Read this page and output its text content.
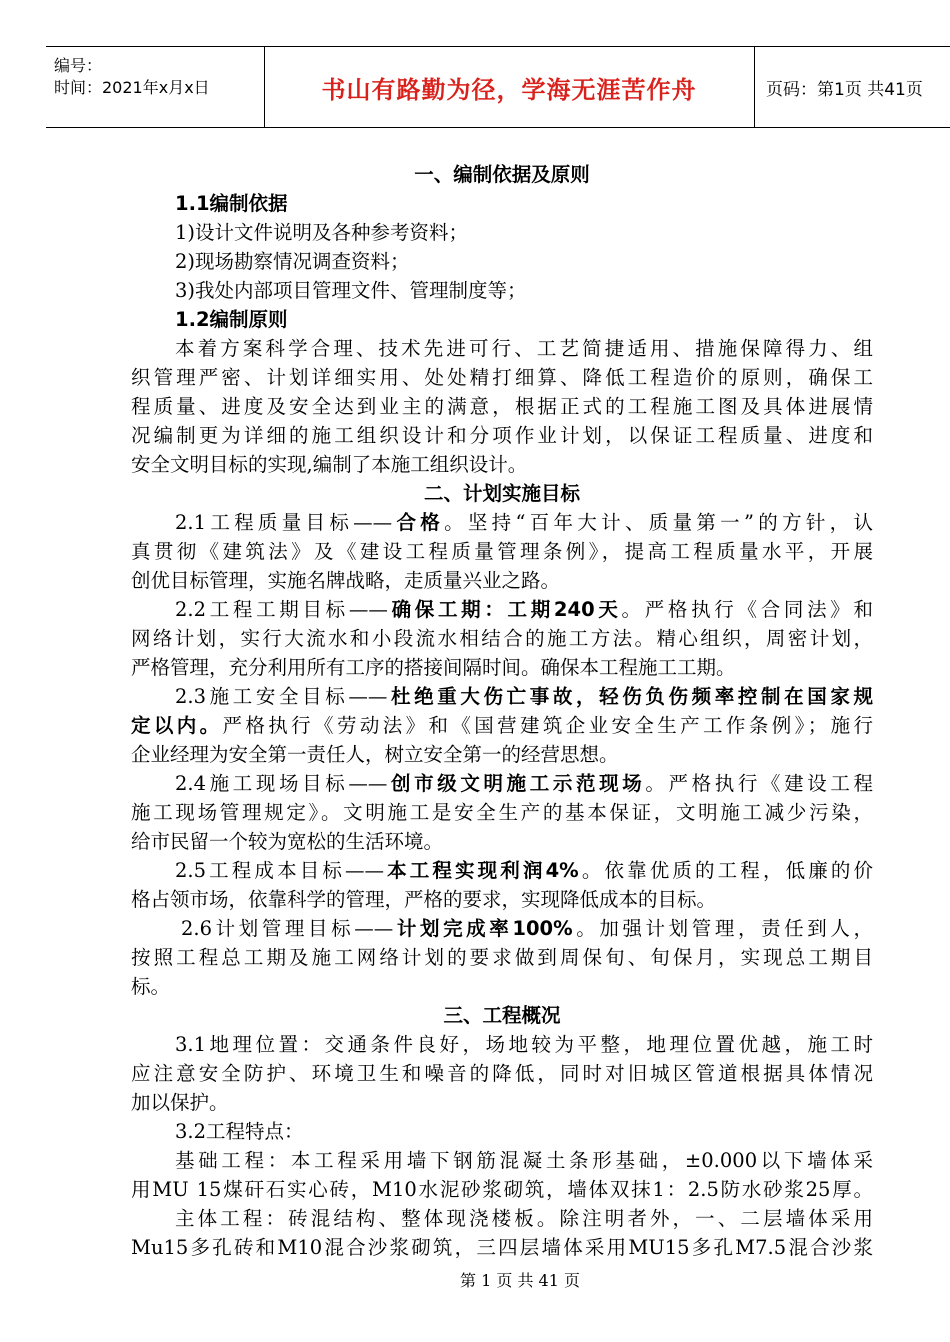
编号：
时间：2021年x月x日	书山有路勤为径，学海无涯苦作舟	页码：第1页 共41页
一、编制依据及原则
1.1编制依据
1)设计文件说明及各种参考资料；
2)现场勘察情况调查资料；
3)我处内部项目管理文件、管理制度等；
1.2编制原则
本着方案科学合理、技术先进可行、工艺简捷适用、措施保障得力、组
织管理严密、计划详细实用、处处精打细算、降低工程造价的原则，确保工
程质量、进度及安全达到业主的满意，根据正式的工程施工图及具体进展情
况编制更为详细的施工组织设计和分项作业计划，以保证工程质量、进度和
安全文明目标的实现,编制了本施工组织设计。
二、计划实施目标
2.1工程质量目标——合格。坚持“百年大计、质量第一”的方针，认
真贯彻《建筑法》及《建设工程质量管理条例》，提高工程质量水平，开展
创优目标管理，实施名牌战略，走质量兴业之路。
2.2工程工期目标——确保工期：工期240天。严格执行《合同法》和
网络计划，实行大流水和小段流水相结合的施工方法。精心组织，周密计划，
严格管理，充分利用所有工序的搭接间隔时间。确保本工程施工工期。
2.3施工安全目标——杜绝重大伤亡事故，轻伤负伤频率控制在国家规
定以内。严格执行《劳动法》和《国营建筑企业安全生产工作条例》；施行
企业经理为安全第一责任人，树立安全第一的经营思想。
2.4施工现场目标——创市级文明施工示范现场。严格执行《建设工程
施工现场管理规定》。文明施工是安全生产的基本保证，文明施工减少污染，
给市民留一个较为宽松的生活环境。
2.5工程成本目标——本工程实现利润4%。依靠优质的工程，低廉的价
格占领市场，依靠科学的管理，严格的要求，实现降低成本的目标。
2.6计划管理目标——计划完成率100%。加强计划管理，责任到人，
按照工程总工期及施工网络计划的要求做到周保旬、旬保月，实现总工期目
标。
三、工程概况
3.1地理位置：交通条件良好，场地较为平整，地理位置优越，施工时
应注意安全防护、环境卫生和噪音的降低，同时对旧城区管道根据具体情况
加以保护。
3.2工程特点：
基础工程：本工程采用墙下钢筋混凝土条形基础，±0.000以下墙体采
用MU 15煤矸石实心砖，M10水泥砂浆砌筑，墙体双抹1：2.5防水砂浆25厚。
主体工程：砖混结构、整体现浇楼板。除注明者外，一、二层墙体采用
Mu15多孔砖和M10混合沙浆砌筑，三四层墙体采用MU15多孔M7.5混合沙浆
第 1 页 共 41 页
